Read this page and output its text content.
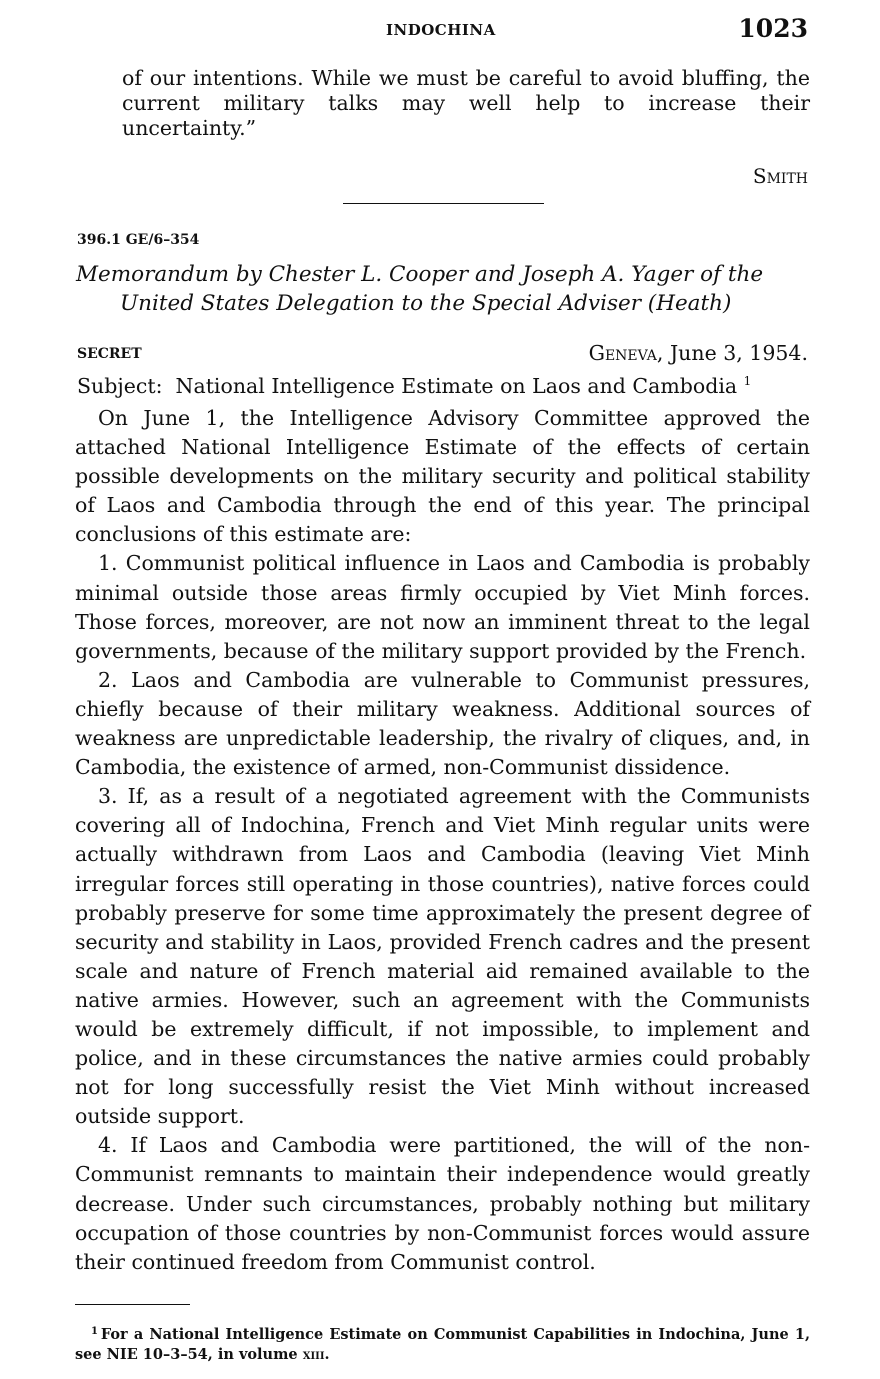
INDOCHINA	1023
of our intentions. While we must be careful to avoid bluffing, the current military talks may well help to increase their uncertainty.”
Smith
396.1 GE/6–354
Memorandum by Chester L. Cooper and Joseph A. Yager of the
United States Delegation to the Special Adviser (Heath)
SECRET	Geneva, June 3, 1954.
Subject: National Intelligence Estimate on Laos and Cambodia $^1$

On June 1, the Intelligence Advisory Committee approved the attached National Intelligence Estimate of the effects of certain possible developments on the military security and political stability of Laos and Cambodia through the end of this year. The principal conclusions of this estimate are:

1. Communist political influence in Laos and Cambodia is probably minimal outside those areas firmly occupied by Viet Minh forces. Those forces, moreover, are not now an imminent threat to the legal governments, because of the military support provided by the French.

2. Laos and Cambodia are vulnerable to Communist pressures, chiefly because of their military weakness. Additional sources of weakness are unpredictable leadership, the rivalry of cliques, and, in Cambodia, the existence of armed, non-Communist dissidence.

3. If, as a result of a negotiated agreement with the Communists covering all of Indochina, French and Viet Minh regular units were actually withdrawn from Laos and Cambodia (leaving Viet Minh irregular forces still operating in those countries), native forces could probably preserve for some time approximately the present degree of security and stability in Laos, provided French cadres and the present scale and nature of French material aid remained available to the native armies. However, such an agreement with the Communists would be extremely difficult, if not impossible, to implement and police, and in these circumstances the native armies could probably not for long successfully resist the Viet Minh without increased outside support.

4. If Laos and Cambodia were partitioned, the will of the non-Communist remnants to maintain their independence would greatly decrease. Under such circumstances, probably nothing but military occupation of those countries by non-Communist forces would assure their continued freedom from Communist control.

$^1$  For a National Intelligence Estimate on Communist Capabilities in Indochina, June 1, see NIE 10–3–54, in volume xiii.
